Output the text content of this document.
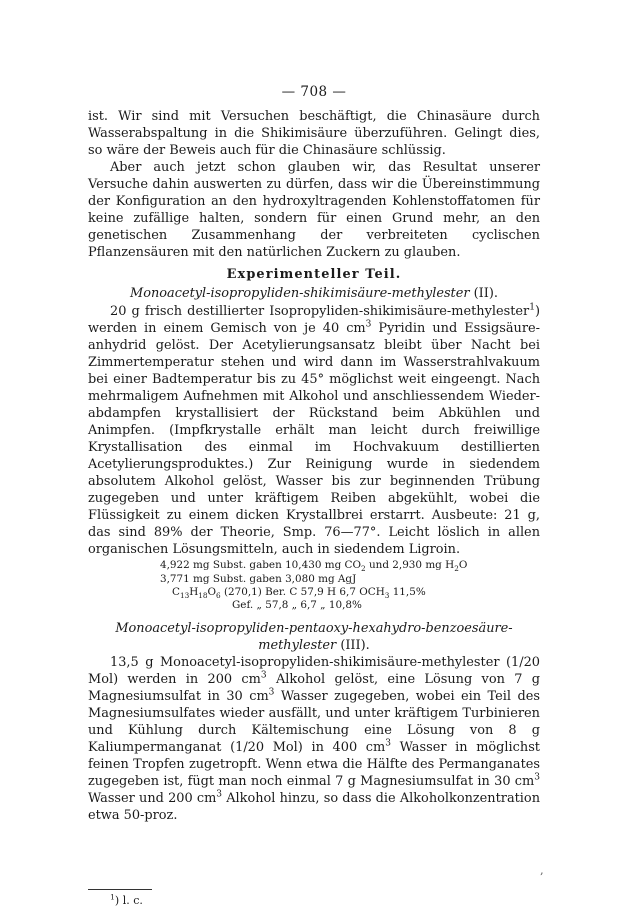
— 708 —

ist. Wir sind mit Versuchen beschäftigt, die Chinasäure durch Wasserabspaltung in die Shikimisäure überzuführen. Gelingt dies, so wäre der Beweis auch für die Chinasäure schlüssig.

Aber auch jetzt schon glauben wir, das Resultat unserer Versuche dahin auswerten zu dürfen, dass wir die Übereinstimmung der Konfiguration an den hydroxyltragenden Kohlenstoffatomen für keine zufällige halten, sondern für einen Grund mehr, an den genetischen Zusammenhang der verbreiteten cyclischen Pflanzensäuren mit den natürlichen Zuckern zu glauben.

Experimenteller Teil.

Monoacetyl-isopropyliden-shikimisäure-methylester (II).

20 g frisch destillierter Isopropyliden-shikimisäure-methylester$^1$) werden in einem Gemisch von je 40 $cm^3$ Pyridin und Essigsäure-anhydrid gelöst. Der Acetylierungsansatz bleibt über Nacht bei Zimmertemperatur stehen und wird dann im Wasserstrahlvakuum bei einer Badtemperatur bis zu 45° möglichst weit eingeengt. Nach mehrmaligem Aufnehmen mit Alkohol und anschliessendem Wieder-abdampfen krystallisiert der Rückstand beim Abkühlen und Animpfen. (Impfkrystalle erhält man leicht durch freiwillige Krystallisation des einmal im Hochvakuum destillierten Acetylierungsproduktes.) Zur Reinigung wurde in siedendem absolutem Alkohol gelöst, Wasser bis zur beginnenden Trübung zugegeben und unter kräftigem Reiben abgekühlt, wobei die Flüssigkeit zu einem dicken Krystallbrei erstarrt. Ausbeute: 21 g, das sind 89% der Theorie, Smp. 76—77°. Leicht löslich in allen organischen Lösungsmitteln, auch in siedendem Ligroin.

4,922 mg Subst. gaben 10,430 mg $CO_2$ und 2,930 mg $H_2O$
3,771 mg Subst. gaben 3,080 mg AgJ
$C_{13}H_{18}O_6$ (270,1) Ber. C 57,9 H 6,7 $OCH_3$ 11,5%
Gef. „ 57,8 „ 6,7 „ 10,8%

Monoacetyl-isopropyliden-pentaoxy-hexahydro-benzoesäure-
methylester (III).

13,5 g Monoacetyl-isopropyliden-shikimisäure-methylester (1/20 Mol) werden in 200 $cm^3$ Alkohol gelöst, eine Lösung von 7 g Magnesiumsulfat in 30 $cm^3$ Wasser zugegeben, wobei ein Teil des Magnesiumsulfates wieder ausfällt, und unter kräftigem Turbinieren und Kühlung durch Kältemischung eine Lösung von 8 g Kaliumpermanganat (1/20 Mol) in 400 $cm^3$ Wasser in möglichst feinen Tropfen zugetropft. Wenn etwa die Hälfte des Permanganates zugegeben ist, fügt man noch einmal 7 g Magnesiumsulfat in 30 $cm^3$ Wasser und 200 $cm^3$ Alkohol hinzu, so dass die Alkoholkonzentration etwa 50-proz.

‚
$^1$) l. c.
